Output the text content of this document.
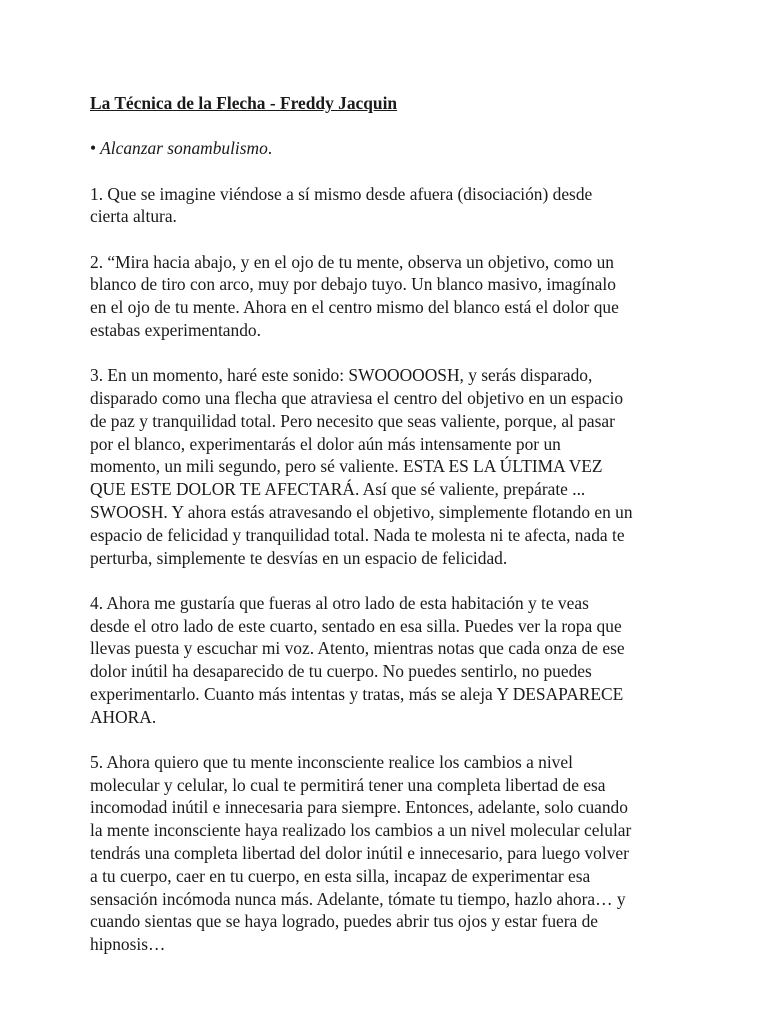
La Técnica de la Flecha - Freddy Jacquin
• Alcanzar sonambulismo.
1. Que se imagine viéndose a sí mismo desde afuera (disociación) desde
cierta altura.
2. “Mira hacia abajo, y en el ojo de tu mente, observa un objetivo, como un
blanco de tiro con arco, muy por debajo tuyo. Un blanco masivo, imagínalo
en el ojo de tu mente. Ahora en el centro mismo del blanco está el dolor que
estabas experimentando.
3. En un momento, haré este sonido: SWOOOOOSH, y serás disparado,
disparado como una flecha que atraviesa el centro del objetivo en un espacio
de paz y tranquilidad total. Pero necesito que seas valiente, porque, al pasar
por el blanco, experimentarás el dolor aún más intensamente por un
momento, un mili segundo, pero sé valiente. ESTA ES LA ÚLTIMA VEZ
QUE ESTE DOLOR TE AFECTARÁ. Así que sé valiente, prepárate ...
SWOOSH. Y ahora estás atravesando el objetivo, simplemente flotando en un
espacio de felicidad y tranquilidad total. Nada te molesta ni te afecta, nada te
perturba, simplemente te desvías en un espacio de felicidad.
4. Ahora me gustaría que fueras al otro lado de esta habitación y te veas
desde el otro lado de este cuarto, sentado en esa silla. Puedes ver la ropa que
llevas puesta y escuchar mi voz. Atento, mientras notas que cada onza de ese
dolor inútil ha desaparecido de tu cuerpo. No puedes sentirlo, no puedes
experimentarlo. Cuanto más intentas y tratas, más se aleja Y DESAPARECE
AHORA.
5. Ahora quiero que tu mente inconsciente realice los cambios a nivel
molecular y celular, lo cual te permitirá tener una completa libertad de esa
incomodad inútil e innecesaria para siempre. Entonces, adelante, solo cuando
la mente inconsciente haya realizado los cambios a un nivel molecular celular
tendrás una completa libertad del dolor inútil e innecesario, para luego volver
a tu cuerpo, caer en tu cuerpo, en esta silla, incapaz de experimentar esa
sensación incómoda nunca más. Adelante, tómate tu tiempo, hazlo ahora… y
cuando sientas que se haya logrado, puedes abrir tus ojos y estar fuera de
hipnosis…
